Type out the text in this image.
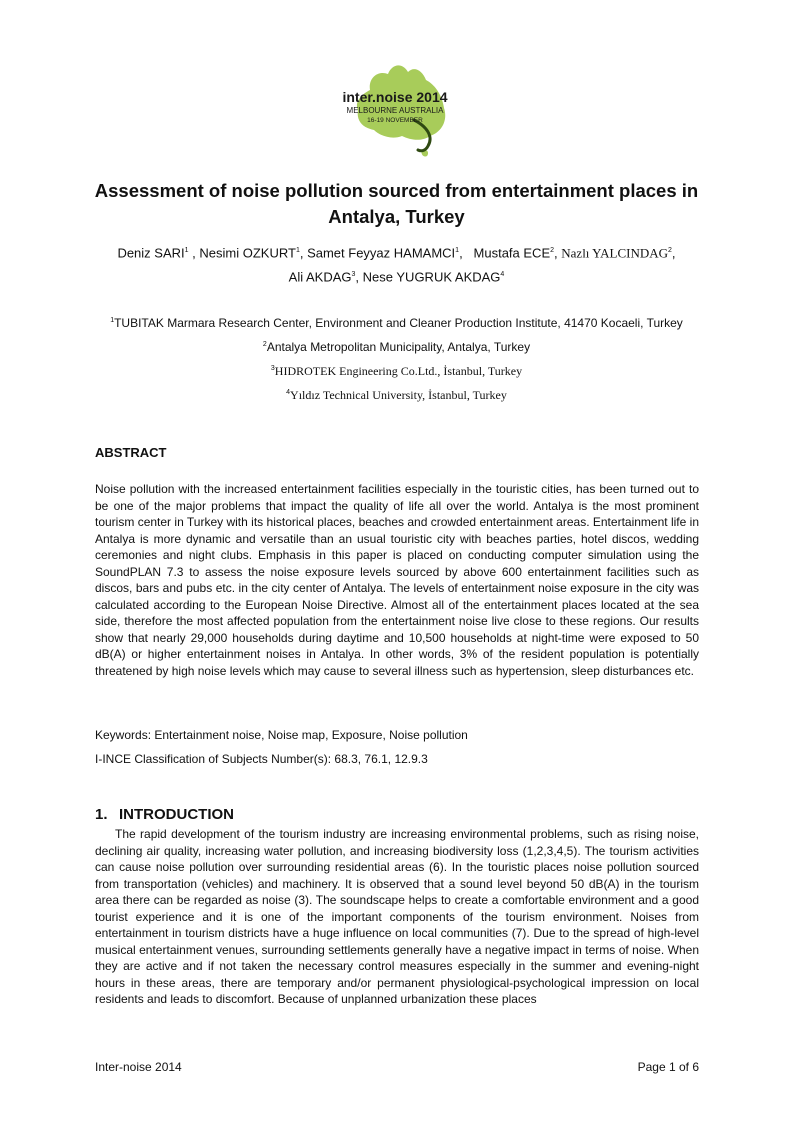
inter.noise 2014
MELBOURNE AUSTRALIA
16-19 NOVEMBER
Assessment of noise pollution sourced from entertainment places in Antalya, Turkey
Deniz SARI$^1$ , Nesimi OZKURT$^1$, Samet Feyyaz HAMAMCI$^1$,   Mustafa ECE$^2$, Nazlı YALCINDAG$^2$,
Ali AKDAG$^3$, Nese YUGRUK AKDAG$^4$
$^1$TUBITAK Marmara Research Center, Environment and Cleaner Production Institute, 41470 Kocaeli, Turkey
$^2$Antalya Metropolitan Municipality, Antalya, Turkey
$^3$HIDROTEK Engineering Co.Ltd., İstanbul, Turkey
$^4$Yıldız Technical University, İstanbul, Turkey
ABSTRACT
Noise pollution with the increased entertainment facilities especially in the touristic cities, has been turned out to be one of the major problems that impact the quality of life all over the world. Antalya is the most prominent tourism center in Turkey with its historical places, beaches and crowded entertainment areas. Entertainment life in Antalya is more dynamic and versatile than an usual touristic city with beaches parties, hotel discos, wedding ceremonies and night clubs. Emphasis in this paper is placed on conducting computer simulation using the SoundPLAN 7.3 to assess the noise exposure levels sourced by above 600 entertainment facilities such as discos, bars and pubs etc. in the city center of Antalya. The levels of entertainment noise exposure in the city was calculated according to the European Noise Directive. Almost all of the entertainment places located at the sea side, therefore the most affected population from the entertainment noise live close to these regions. Our results show that nearly 29,000 households during daytime and 10,500 households at night-time were exposed to 50 dB(A) or higher entertainment noises in Antalya. In other words, 3% of the resident population is potentially threatened by high noise levels which may cause to several illness such as hypertension, sleep disturbances etc.
Keywords: Entertainment noise, Noise map, Exposure, Noise pollution
I-INCE Classification of Subjects Number(s): 68.3, 76.1, 12.9.3
1. INTRODUCTION
The rapid development of the tourism industry are increasing environmental problems, such as rising noise, declining air quality, increasing water pollution, and increasing biodiversity loss (1,2,3,4,5). The tourism activities can cause noise pollution over surrounding residential areas (6). In the touristic places noise pollution sourced from transportation (vehicles) and machinery. It is observed that a sound level beyond 50 dB(A) in the tourism area there can be regarded as noise (3). The soundscape helps to create a comfortable environment and a good tourist experience and it is one of the important components of the tourism environment. Noises from entertainment in tourism districts have a huge influence on local communities (7). Due to the spread of high-level musical entertainment venues, surrounding settlements generally have a negative impact in terms of noise. When they are active and if not taken the necessary control measures especially in the summer and evening-night hours in these areas, there are temporary and/or permanent physiological-psychological impression on local residents and leads to discomfort. Because of unplanned urbanization these places
Inter-noise 2014	Page 1 of 6
